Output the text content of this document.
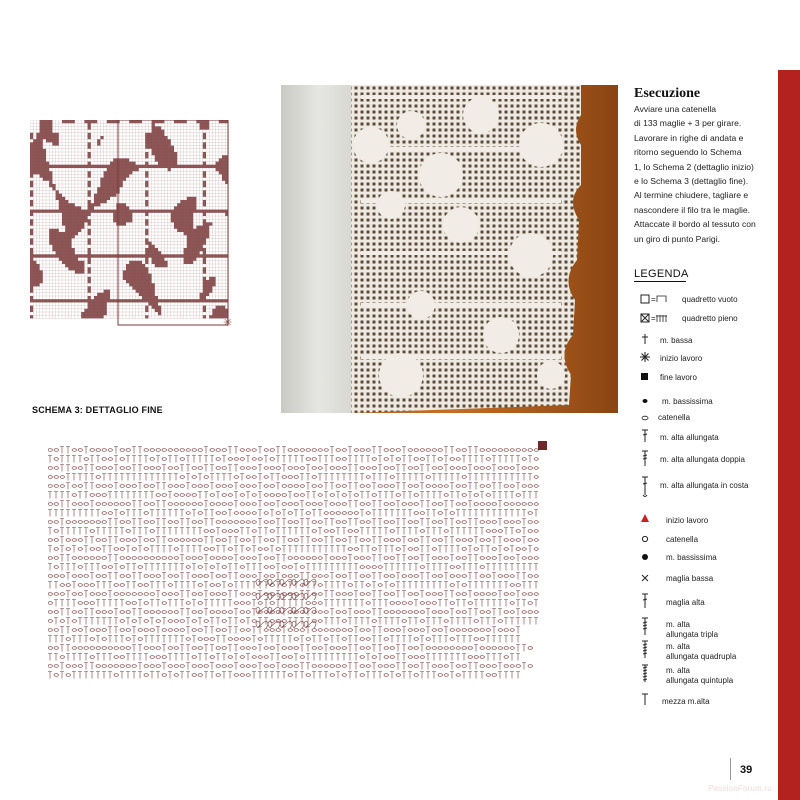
✳
SCHEMA 3: DETTAGLIO FINE
Esecuzione
Avviare una catenella
di 133 maglie + 3 per girare.
Lavorare in righe di andata e
ritorno seguendo lo Schema
1, lo Schema 2 (dettaglio inizio)
e lo Schema 3 (dettaglio fine).
Al termine chiudere, tagliare e
nascondere il filo tra le maglie.
Attaccate il bordo al tessuto con
un giro di punto Parigi.
LEGENDA
=	quadretto vuoto
=	quadretto pieno
m. bassa
inizio lavoro
fine lavoro
m. bassissima
catenella
m. alta allungata
m. alta allungata doppia
m. alta allungata in costa
inizio lavoro
catenella
m. bassissima
maglia bassa
maglia alta
m. alta
allungata tripla
m. alta
allungata quadrupla
m. alta
allungata quintupla
mezza m.alta
39
PassionForum.ru
